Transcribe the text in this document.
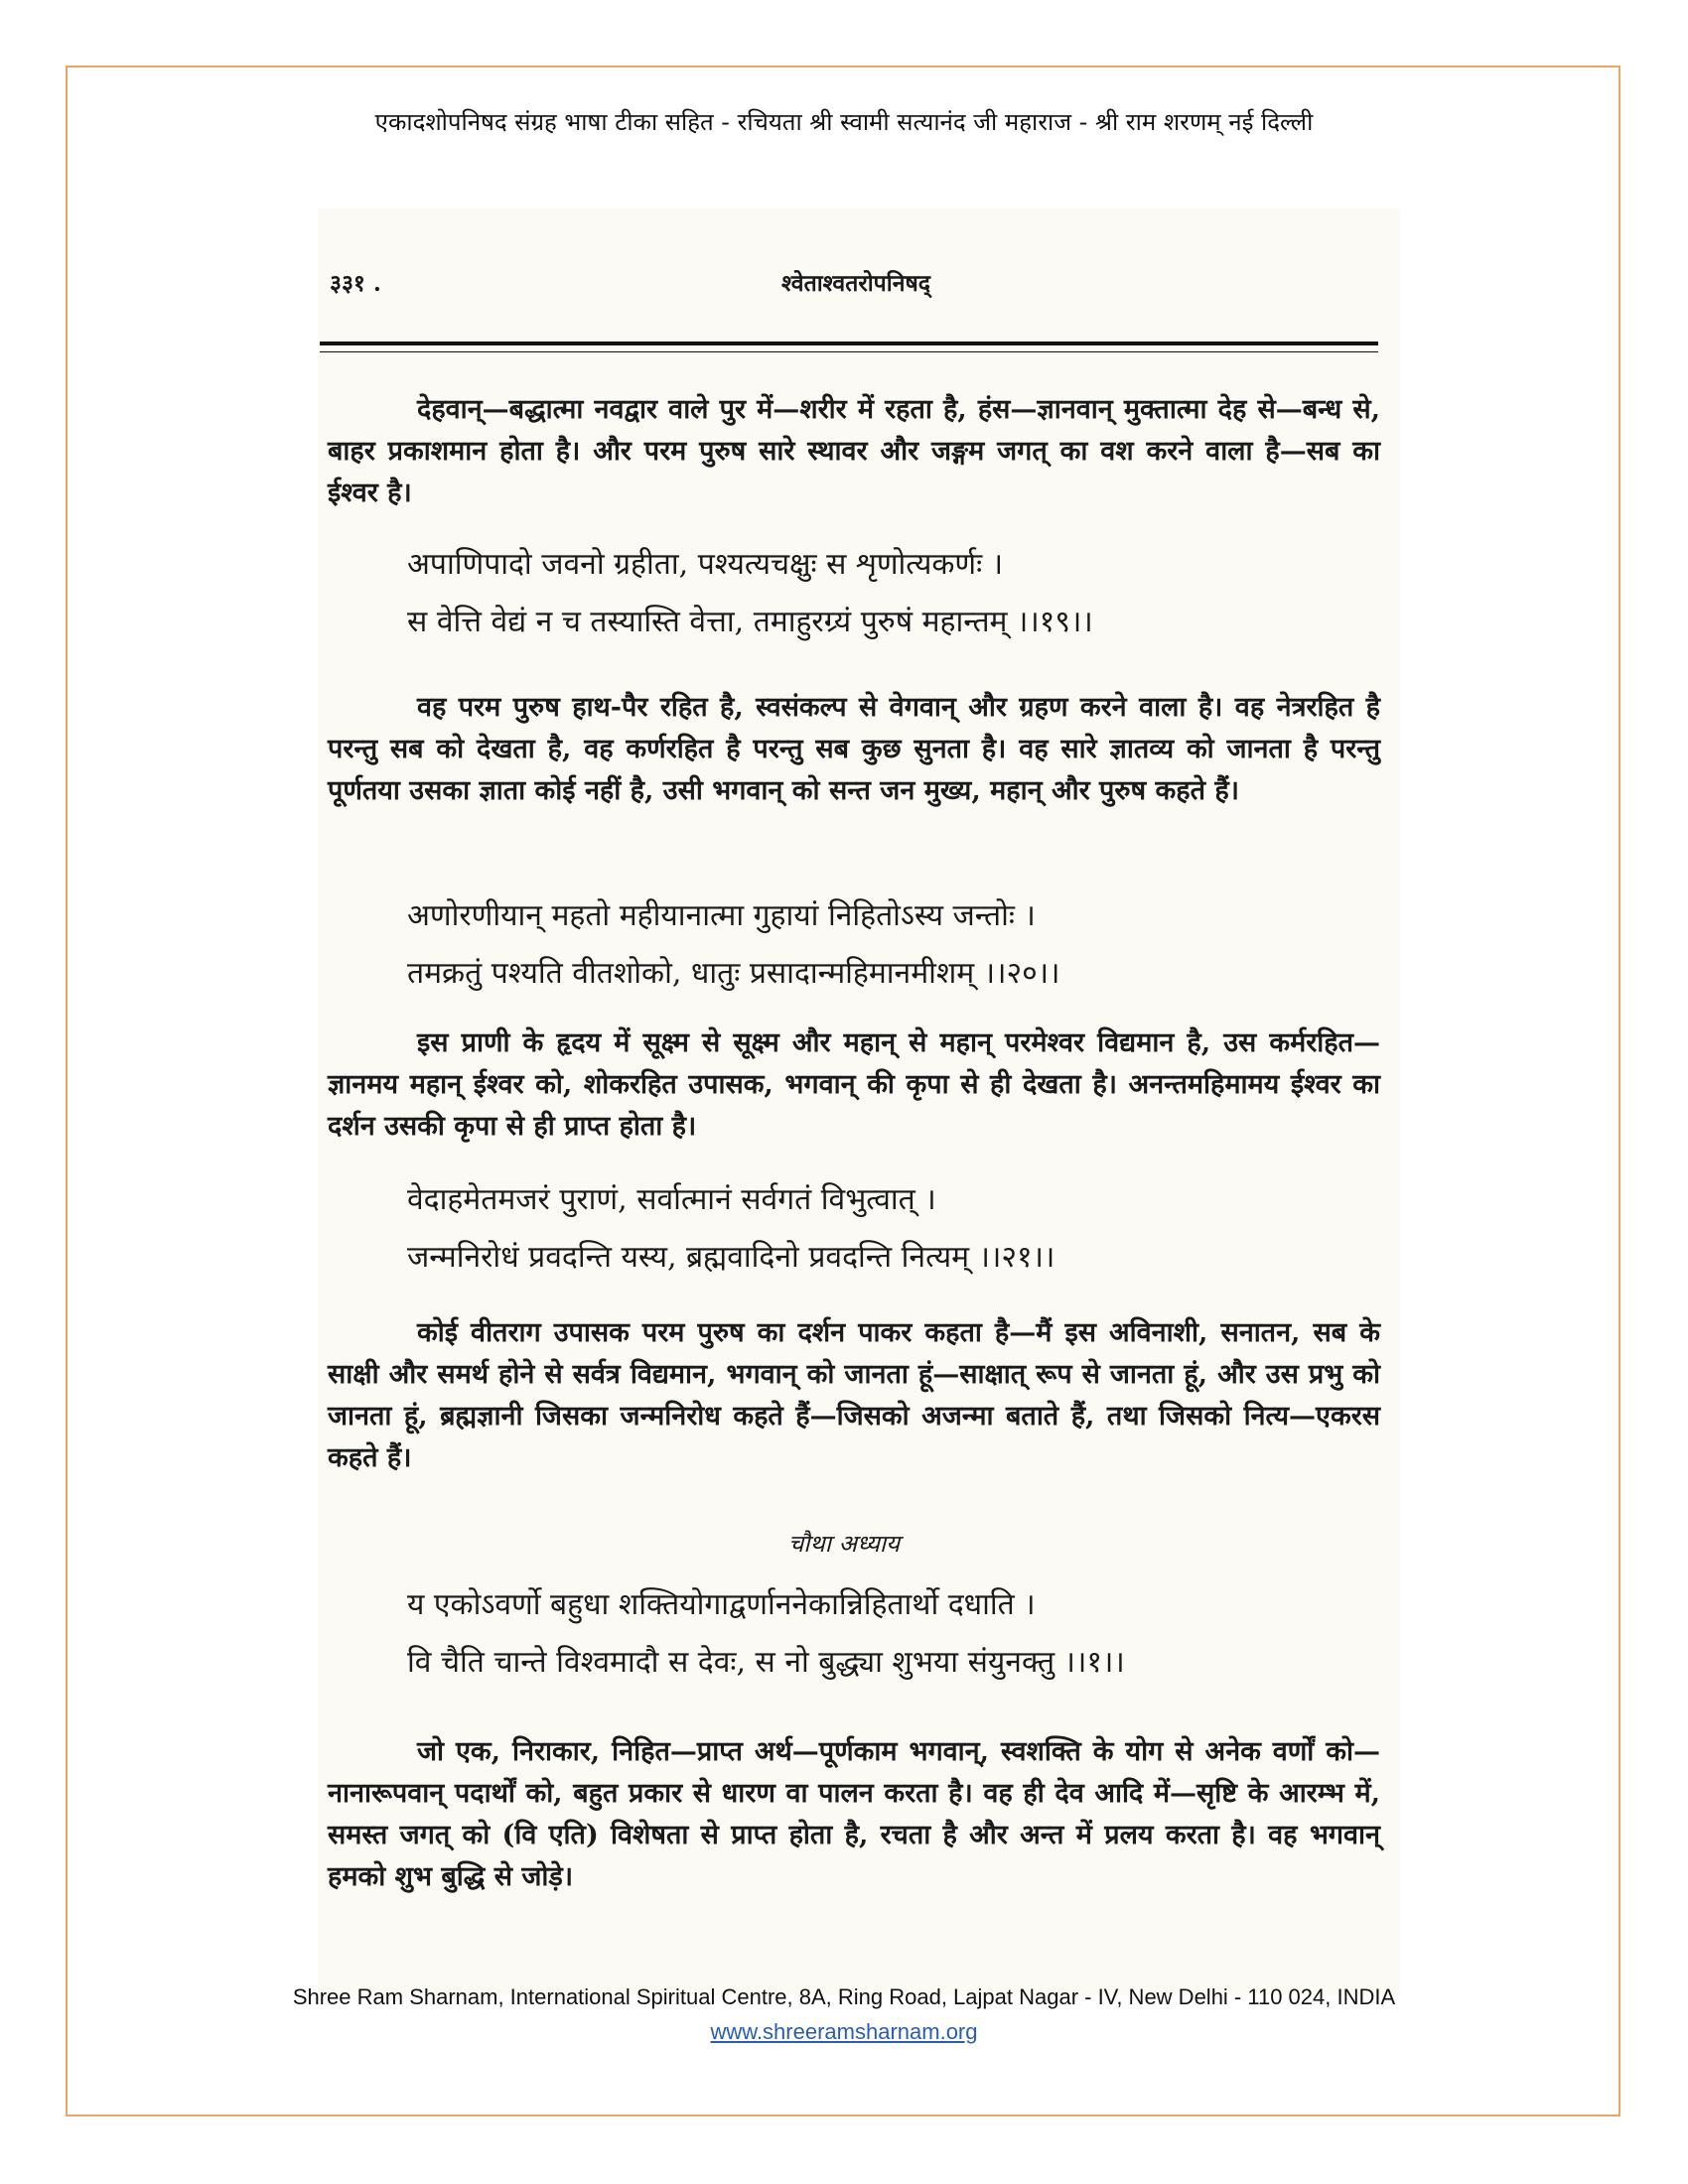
एकादशोपनिषद संग्रह भाषा टीका सहित - रचियता श्री स्वामी सत्यानंद जी महाराज - श्री राम शरणम् नई दिल्ली
३३१ .	श्वेताश्वतरोपनिषद्

देहवान्—बद्धात्मा नवद्वार वाले पुर में—शरीर में रहता है, हंस—ज्ञानवान् मुक्तात्मा देह से—बन्ध से, बाहर प्रकाशमान होता है। और परम पुरुष सारे स्थावर और जङ्गम जगत् का वश करने वाला है—सब का ईश्वर है।

अपाणिपादो जवनो ग्रहीता, पश्यत्यचक्षुः स शृणोत्यकर्णः ।
स वेत्ति वेद्यं न च तस्यास्ति वेत्ता, तमाहुरग्र्यं पुरुषं महान्तम् ।।१९।।

वह परम पुरुष हाथ-पैर रहित है, स्वसंकल्प से वेगवान् और ग्रहण करने वाला है। वह नेत्ररहित है परन्तु सब को देखता है, वह कर्णरहित है परन्तु सब कुछ सुनता है। वह सारे ज्ञातव्य को जानता है परन्तु पूर्णतया उसका ज्ञाता कोई नहीं है, उसी भगवान् को सन्त जन मुख्य, महान् और पुरुष कहते हैं।

अणोरणीयान् महतो महीयानात्मा गुहायां निहितोऽस्य जन्तोः ।
तमक्रतुं पश्यति वीतशोको, धातुः प्रसादान्महिमानमीशम् ।।२०।।

इस प्राणी के हृदय में सूक्ष्म से सूक्ष्म और महान् से महान् परमेश्वर विद्यमान है, उस कर्मरहित—ज्ञानमय महान् ईश्वर को, शोकरहित उपासक, भगवान् की कृपा से ही देखता है। अनन्तमहिमामय ईश्वर का दर्शन उसकी कृपा से ही प्राप्त होता है।

वेदाहमेतमजरं पुराणं, सर्वात्मानं सर्वगतं विभुत्वात् ।
जन्मनिरोधं प्रवदन्ति यस्य, ब्रह्मवादिनो प्रवदन्ति नित्यम् ।।२१।।

कोई वीतराग उपासक परम पुरुष का दर्शन पाकर कहता है—मैं इस अविनाशी, सनातन, सब के साक्षी और समर्थ होने से सर्वत्र विद्यमान, भगवान् को जानता हूं—साक्षात् रूप से जानता हूं, और उस प्रभु को जानता हूं, ब्रह्मज्ञानी जिसका जन्मनिरोध कहते हैं—जिसको अजन्मा बताते हैं, तथा जिसको नित्य—एकरस कहते हैं।

चौथा अध्याय
य एकोऽवर्णो बहुधा शक्तियोगाद्वर्णाननेकान्निहितार्थो दधाति ।
वि चैति चान्ते विश्वमादौ स देवः, स नो बुद्ध्या शुभया संयुनक्तु ।।१।।

जो एक, निराकार, निहित—प्राप्त अर्थ—पूर्णकाम भगवान्, स्वशक्ति के योग से अनेक वर्णों को—नानारूपवान् पदार्थों को, बहुत प्रकार से धारण वा पालन करता है। वह ही देव आदि में—सृष्टि के आरम्भ में, समस्त जगत् को (वि एति) विशेषता से प्राप्त होता है, रचता है और अन्त में प्रलय करता है। वह भगवान् हमको शुभ बुद्धि से जोड़े।

Shree Ram Sharnam, International Spiritual Centre, 8A, Ring Road, Lajpat Nagar - IV, New Delhi - 110 024, INDIA
www.shreeramsharnam.org
